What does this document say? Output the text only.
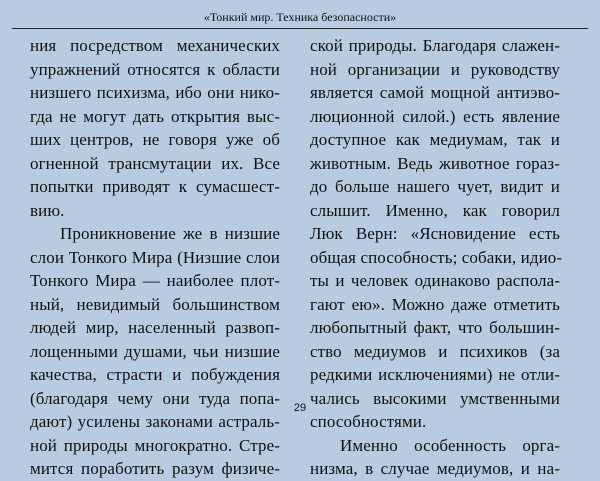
«Тонкий мир. Техника безопасности»
ния посредством механических
упражнений относятся к области
низшего психизма, ибо они нико-
гда не могут дать открытия выс-
ших центров, не говоря уже об
огненной трансмутации их. Все
попытки приводят к сумасшест-
вию.
Проникновение же в низшие
слои Тонкого Мира (Низшие слои
Тонкого Мира — наиболее плот-
ный, невидимый большинством
людей мир, населенный развоп-
лощенными душами, чьи низшие
качества, страсти и побуждения
(благодаря чему они туда попа-
дают) усилены законами астраль-
ной природы многократно. Стре-
мится поработить разум физиче-
ской природы. Благодаря слажен-
ной организации и руководству
является самой мощной антиэво-
люционной силой.) есть явление
доступное как медиумам, так и
животным. Ведь животное гораз-
до больше нашего чует, видит и
слышит. Именно, как говорил
Люк Верн: «Ясновидение есть
общая способность; собаки, идио-
ты и человек одинаково распола-
гают ею». Можно даже отметить
любопытный факт, что большин-
ство медиумов и психиков (за
редкими исключениями) не отли-
чались высокими умственными
способностями.
Именно особенность орга-
низма, в случае медиумов, и на-
29
